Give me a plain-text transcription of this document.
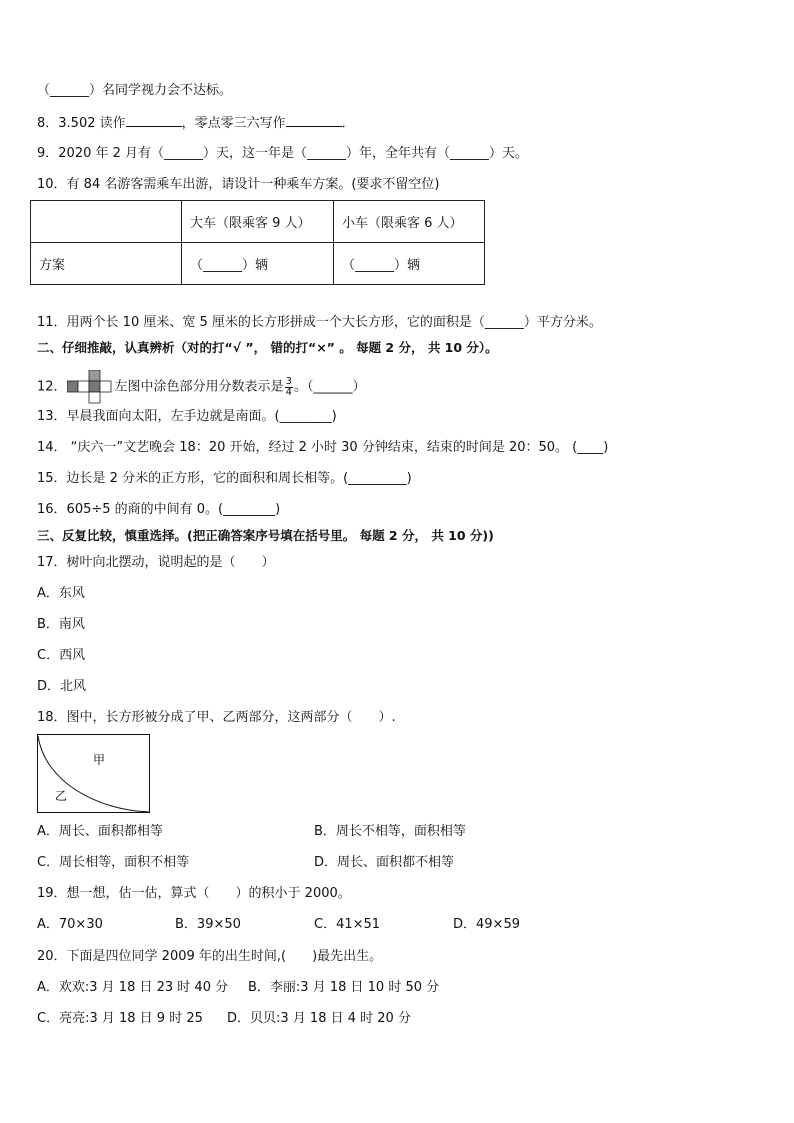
（______）名同学视力会不达标。
8．3.502 读作	，零点零三六写作	．
9．2020 年 2 月有（______）天，这一年是（______）年，全年共有（______）天。
10．有 84 名游客需乘车出游，请设计一种乘车方案。(要求不留空位)
	大车（限乘客 9 人）	小车（限乘客 6 人）
方案	（______）辆	（______）辆
11．用两个长 10 厘米、宽 5 厘米的长方形拼成一个大长方形，它的面积是（______）平方分米。
二、仔细推敲，认真辨析（对的打“√ ”， 错的打“×” 。 每题 2 分， 共 10 分）。
12．	左图中涂色部分用分数表示是 $\frac{3}{4}$ 。（______）
13．早晨我面向太阳，左手边就是南面。(________)
14． “庆六一”文艺晚会 18：20 开始，经过 2 小时 30 分钟结束，结束的时间是 20：50。 (____)
15．边长是 2 分米的正方形，它的面积和周长相等。(_________)
16．605÷5 的商的中间有 0。(________)
三、反复比较，慎重选择。(把正确答案序号填在括号里。 每题 2 分， 共 10 分))
17．树叶向北摆动，说明起的是（　　）
A．东风
B．南风
C．西风
D．北风
18．图中，长方形被分成了甲、乙两部分，这两部分（　　）.
甲
乙
A．周长、面积都相等	B．周长不相等，面积相等
C．周长相等，面积不相等	D．周长、面积都不相等
19．想一想，估一估，算式（　　）的积小于 2000。
A．70×30	B．39×50	C．41×51	D．49×59
20．下面是四位同学 2009 年的出生时间,(　　)最先出生。
A．欢欢:3 月 18 日 23 时 40 分 B．李丽:3 月 18 日 10 时 50 分
C．亮亮:3 月 18 日 9 时 25 D．贝贝:3 月 18 日 4 时 20 分
